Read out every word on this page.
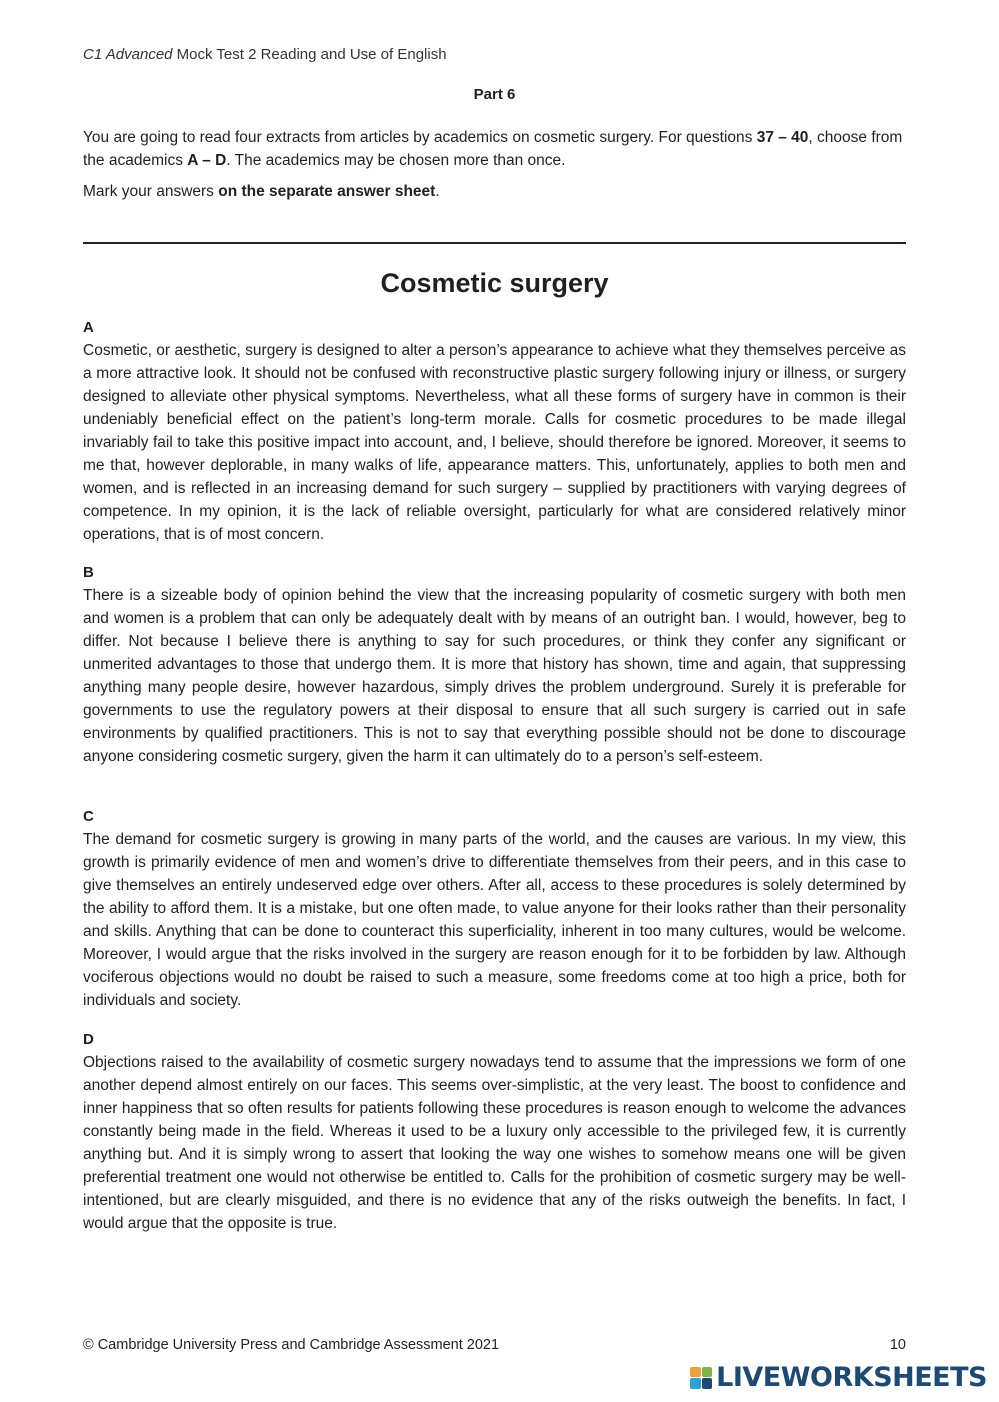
C1 Advanced Mock Test 2 Reading and Use of English
Part 6

You are going to read four extracts from articles by academics on cosmetic surgery. For questions 37 – 40, choose from the academics A – D. The academics may be chosen more than once.

Mark your answers on the separate answer sheet.
Cosmetic surgery
A

Cosmetic, or aesthetic, surgery is designed to alter a person’s appearance to achieve what they themselves perceive as a more attractive look. It should not be confused with reconstructive plastic surgery following injury or illness, or surgery designed to alleviate other physical symptoms. Nevertheless, what all these forms of surgery have in common is their undeniably beneficial effect on the patient’s long-term morale. Calls for cosmetic procedures to be made illegal invariably fail to take this positive impact into account, and, I believe, should therefore be ignored. Moreover, it seems to me that, however deplorable, in many walks of life, appearance matters. This, unfortunately, applies to both men and women, and is reflected in an increasing demand for such surgery – supplied by practitioners with varying degrees of competence. In my opinion, it is the lack of reliable oversight, particularly for what are considered relatively minor operations, that is of most concern.

B

There is a sizeable body of opinion behind the view that the increasing popularity of cosmetic surgery with both men and women is a problem that can only be adequately dealt with by means of an outright ban. I would, however, beg to differ. Not because I believe there is anything to say for such procedures, or think they confer any significant or unmerited advantages to those that undergo them. It is more that history has shown, time and again, that suppressing anything many people desire, however hazardous, simply drives the problem underground. Surely it is preferable for governments to use the regulatory powers at their disposal to ensure that all such surgery is carried out in safe environments by qualified practitioners. This is not to say that everything possible should not be done to discourage anyone considering cosmetic surgery, given the harm it can ultimately do to a person’s self-esteem.

C

The demand for cosmetic surgery is growing in many parts of the world, and the causes are various. In my view, this growth is primarily evidence of men and women’s drive to differentiate themselves from their peers, and in this case to give themselves an entirely undeserved edge over others. After all, access to these procedures is solely determined by the ability to afford them. It is a mistake, but one often made, to value anyone for their looks rather than their personality and skills. Anything that can be done to counteract this superficiality, inherent in too many cultures, would be welcome. Moreover, I would argue that the risks involved in the surgery are reason enough for it to be forbidden by law. Although vociferous objections would no doubt be raised to such a measure, some freedoms come at too high a price, both for individuals and society.

D

Objections raised to the availability of cosmetic surgery nowadays tend to assume that the impressions we form of one another depend almost entirely on our faces. This seems over-simplistic, at the very least. The boost to confidence and inner happiness that so often results for patients following these procedures is reason enough to welcome the advances constantly being made in the field. Whereas it used to be a luxury only accessible to the privileged few, it is currently anything but. And it is simply wrong to assert that looking the way one wishes to somehow means one will be given preferential treatment one would not otherwise be entitled to. Calls for the prohibition of cosmetic surgery may be well-intentioned, but are clearly misguided, and there is no evidence that any of the risks outweigh the benefits. In fact, I would argue that the opposite is true.

© Cambridge University Press and Cambridge Assessment 2021	10
LIVEWORKSHEETS
